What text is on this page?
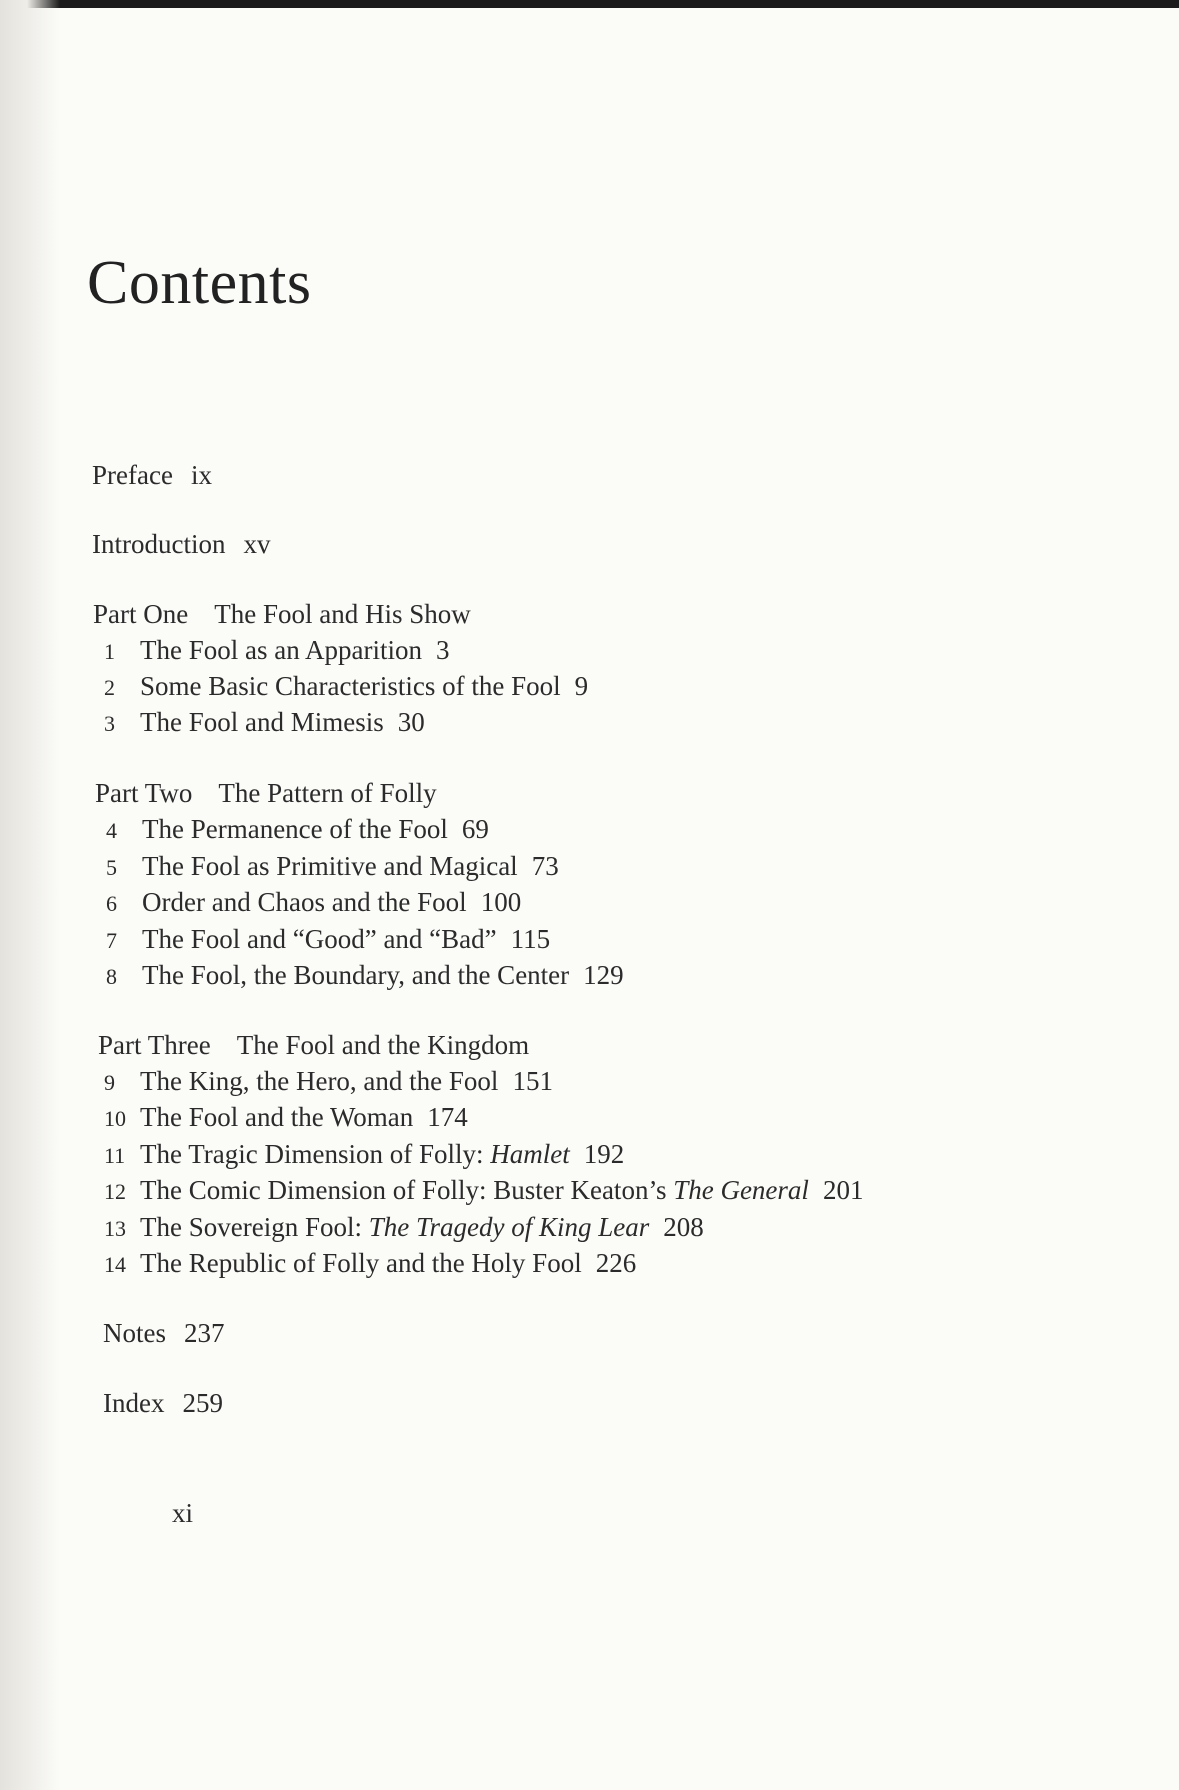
Contents
Preface ix
Introduction xv
Part One The Fool and His Show
1 The Fool as an Apparition 3
2 Some Basic Characteristics of the Fool 9
3 The Fool and Mimesis 30
Part Two The Pattern of Folly
4 The Permanence of the Fool 69
5 The Fool as Primitive and Magical 73
6 Order and Chaos and the Fool 100
7 The Fool and “Good” and “Bad” 115
8 The Fool, the Boundary, and the Center 129
Part Three The Fool and the Kingdom
9 The King, the Hero, and the Fool 151
10 The Fool and the Woman 174
11 The Tragic Dimension of Folly: Hamlet 192
12 The Comic Dimension of Folly: Buster Keaton’s The General 201
13 The Sovereign Fool: The Tragedy of King Lear 208
14 The Republic of Folly and the Holy Fool 226
Notes 237
Index 259
xi
